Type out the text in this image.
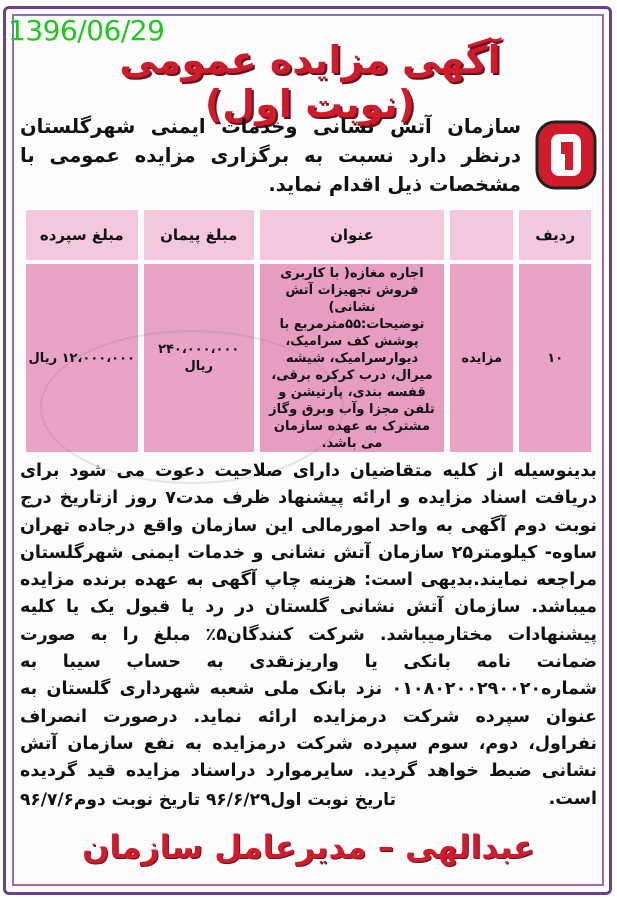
1396/06/29
آگهی مزایده عمومی (نوبت اول)
سازمان آتش نشانی وخدمات ایمنی شهرگلستان درنظر دارد نسبت به برگزاری مزایده عمومی با مشخصات ذیل اقدام نماید.
ردیف		عنوان	مبلغ پیمان	مبلغ سپرده
۱۰	مزایده	اجاره مغازه( با کاربری فروش تجهیزات آتش نشانی) توضیحات:۵۵مترمربع با پوشش کف سرامیک، دیوارسرامیک، شیشه میرال، درب کرکره برقی، قفسه بندی، پارتیشن و تلفن مجزا وآب وبرق وگاز مشترک به عهده سازمان می باشد.	۲۴۰،۰۰۰،۰۰۰ ریال	۱۲،۰۰۰،۰۰۰ ریال
بدینوسیله از کلیه متقاضیان دارای صلاحیت دعوت می شود برای دریافت اسناد مزایده و ارائه پیشنهاد ظرف مدت۷ روز ازتاریخ درج نوبت دوم آگهی به واحد امورمالی این سازمان واقع درجاده تهران ساوه- کیلومتر۲۵ سازمان آتش نشانی و خدمات ایمنی شهرگلستان مراجعه نمایند.بدیهی است: هزینه چاپ آگهی به عهده برنده مزایده میباشد. سازمان آتش نشانی گلستان در رد یا قبول یک یا کلیه پیشنهادات مختارمیباشد. شرکت کنندگان۵٪ مبلغ را به صورت ضمانت نامه بانکی یا واریزنقدی به حساب سیبا به شماره۰۱۰۸۰۲۰۰۲۹۰۰۲۰ نزد بانک ملی شعبه شهرداری گلستان به عنوان سپرده شرکت درمزایده ارائه نماید. درصورت انصراف نفراول، دوم، سوم سپرده شرکت درمزایده به نفع سازمان آتش نشانی ضبط خواهد گردید. سایرموارد دراسناد مزایده قید گردیده است.
تاریخ نوبت اول۹۶/۶/۲۹ تاریخ نوبت دوم۹۶/۷/۶
عبدالهی – مدیرعامل سازمان
